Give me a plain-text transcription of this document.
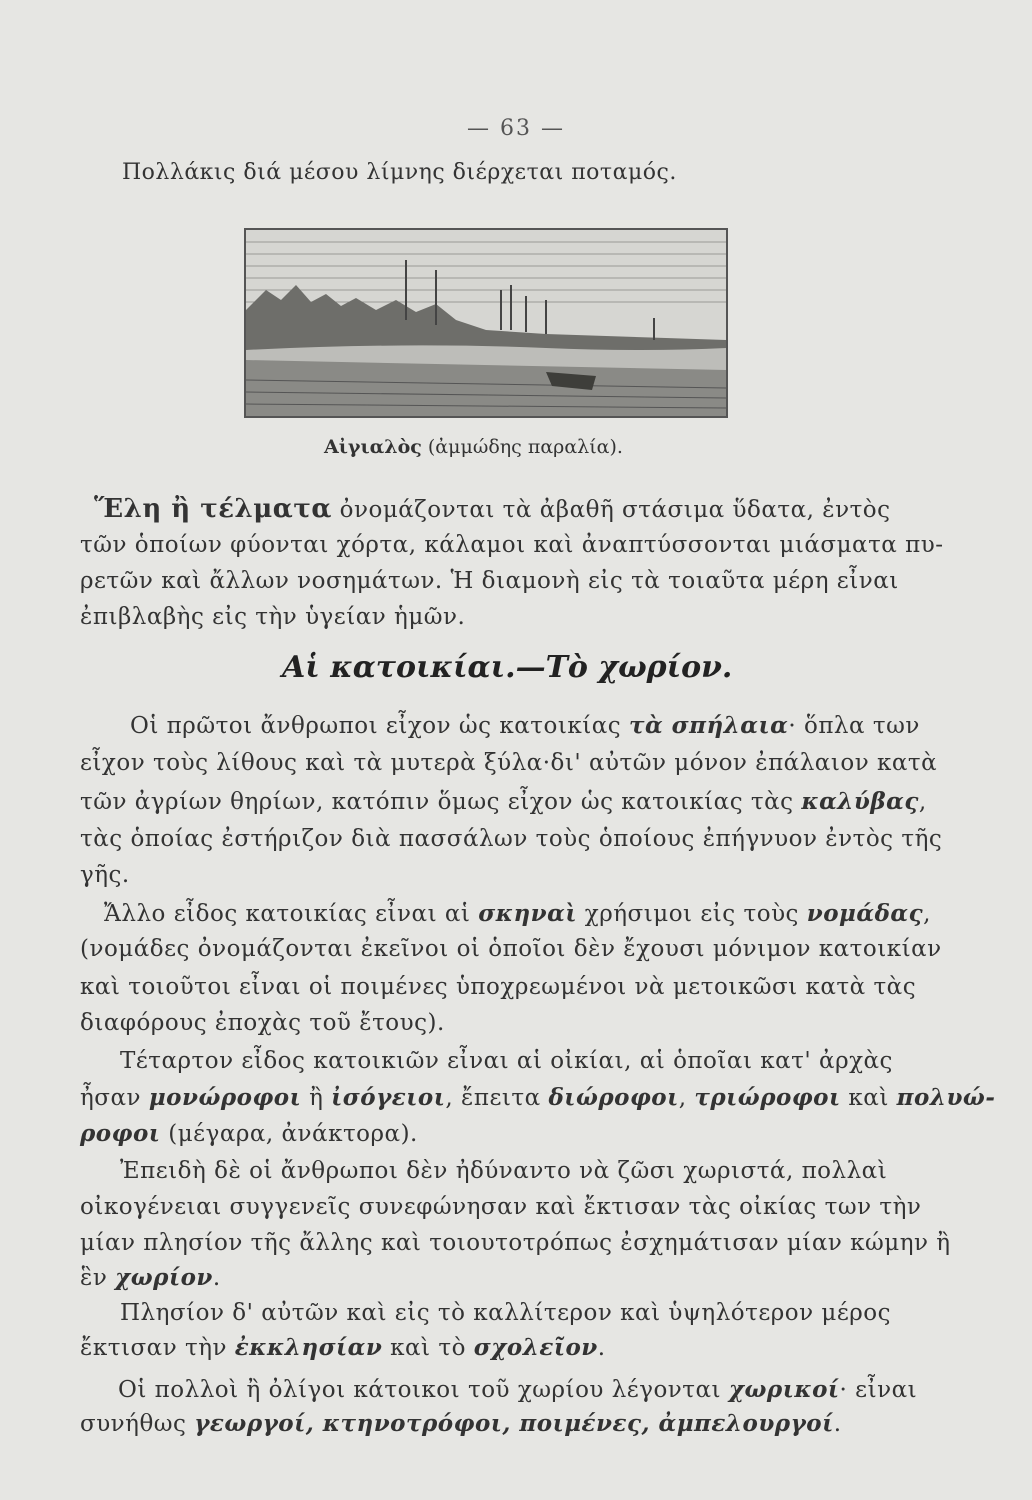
— 63 —
Πολλάκις διά μέσου λίμνης διέρχεται ποταμός.
Αἰγιαλὸς (ἀμμώδης παραλία).
Ἕλη ἢ τέλματα ὀνομάζονται τὰ ἀβαθῆ στάσιμα ὕδατα, ἐντὸς
τῶν ὁποίων φύονται χόρτα, κάλαμοι καὶ ἀναπτύσσονται μιάσματα πυ-
ρετῶν καὶ ἄλλων νοσημάτων. Ἡ διαμονὴ εἰς τὰ τοιαῦτα μέρη εἶναι
ἐπιβλαβὴς εἰς τὴν ὑγείαν ἡμῶν.
Αἱ κατοικίαι.—Τὸ χωρίον.
Οἱ πρῶτοι ἄνθρωποι εἶχον ὡς κατοικίας τὰ σπήλαια· ὅπλα των
εἶχον τοὺς λίθους καὶ τὰ μυτερὰ ξύλα·δι' αὐτῶν μόνον ἐπάλαιον κατὰ
τῶν ἀγρίων θηρίων, κατόπιν ὅμως εἶχον ὡς κατοικίας τὰς καλύβας,
τὰς ὁποίας ἐστήριζον διὰ πασσάλων τοὺς ὁποίους ἐπήγνυον ἐντὸς τῆς
γῆς.
Ἄλλο εἶδος κατοικίας εἶναι αἱ σκηναὶ χρήσιμοι εἰς τοὺς νομάδας,
(νομάδες ὀνομάζονται ἐκεῖνοι οἱ ὁποῖοι δὲν ἔχουσι μόνιμον κατοικίαν
καὶ τοιοῦτοι εἶναι οἱ ποιμένες ὑποχρεωμένοι νὰ μετοικῶσι κατὰ τὰς
διαφόρους ἐποχὰς τοῦ ἔτους).
Τέταρτον εἶδος κατοικιῶν εἶναι αἱ οἰκίαι, αἱ ὁποῖαι κατ' ἀρχὰς
ἦσαν μονώροφοι ἢ ἰσόγειοι, ἔπειτα διώροφοι, τριώροφοι καὶ πολυώ-
ροφοι (μέγαρα, ἀνάκτορα).
Ἐπειδὴ δὲ οἱ ἄνθρωποι δὲν ἠδύναντο νὰ ζῶσι χωριστά, πολλαὶ
οἰκογένειαι συγγενεῖς συνεφώνησαν καὶ ἔκτισαν τὰς οἰκίας των τὴν
μίαν πλησίον τῆς ἄλλης καὶ τοιουτοτρόπως ἐσχημάτισαν μίαν κώμην ἢ
ἓν χωρίον.
Πλησίον δ' αὐτῶν καὶ εἰς τὸ καλλίτερον καὶ ὑψηλότερον μέρος
ἔκτισαν τὴν ἐκκλησίαν καὶ τὸ σχολεῖον.
Οἱ πολλοὶ ἢ ὀλίγοι κάτοικοι τοῦ χωρίου λέγονται χωρικοί· εἶναι
συνήθως γεωργοί, κτηνοτρόφοι, ποιμένες, ἀμπελουργοί.
